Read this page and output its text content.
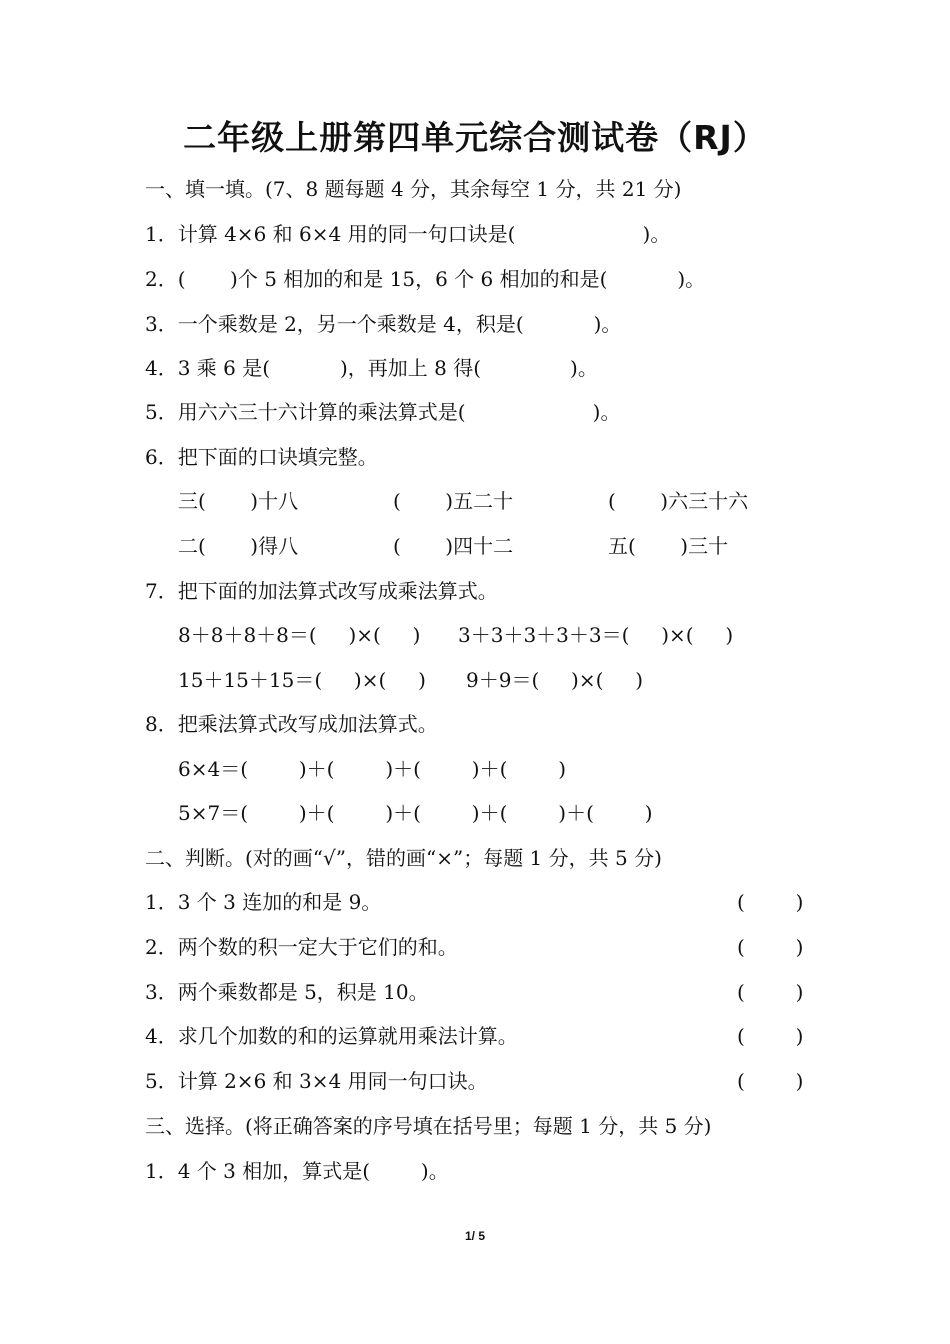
二年级上册第四单元综合测试卷（RJ）
一、填一填。(7、8 题每题 4 分，其余每空 1 分，共 21 分)
1．计算 4×6 和 6×4 用的同一句口诀是(                    )。
2．(       )个 5 相加的和是 15，6 个 6 相加的和是(           )。
3．一个乘数是 2，另一个乘数是 4，积是(           )。
4．3 乘 6 是(           )，再加上 8 得(              )。
5．用六六三十六计算的乘法算式是(                    )。
6．把下面的口诀填完整。
三(       )十八	(       )五二十	(       )六三十六
二(       )得八	(       )四十二	五(       )三十
7．把下面的加法算式改写成乘法算式。
8＋8＋8＋8＝(     )×(     ) 3＋3＋3＋3＋3＝(     )×(     )
15＋15＋15＝(     )×(     ) 9＋9＝(     )×(     )
8．把乘法算式改写成加法算式。
6×4＝(        )＋(        )＋(        )＋(        )
5×7＝(        )＋(        )＋(        )＋(        )＋(        )
二、判断。(对的画“√”，错的画“×”；每题 1 分，共 5 分)
1．3 个 3 连加的和是 9。	(        )
2．两个数的积一定大于它们的和。	(        )
3．两个乘数都是 5，积是 10。	(        )
4．求几个加数的和的运算就用乘法计算。	(        )
5．计算 2×6 和 3×4 用同一句口诀。	(        )
三、选择。(将正确答案的序号填在括号里；每题 1 分，共 5 分)
1．4 个 3 相加，算式是(        )。
1/ 5
